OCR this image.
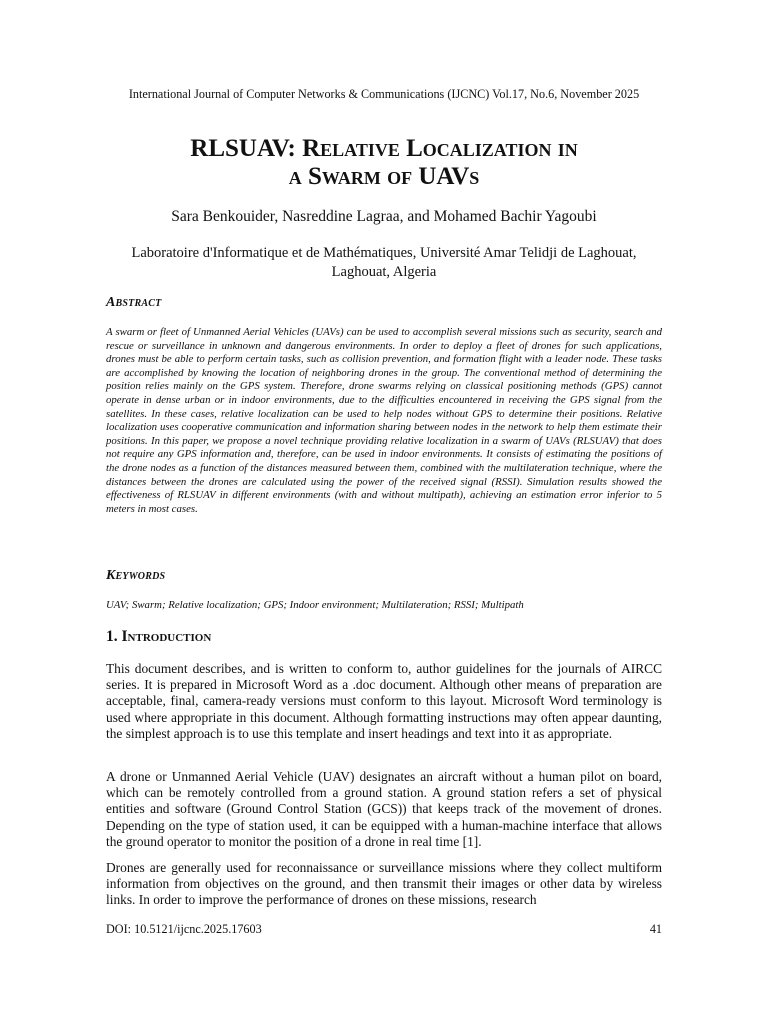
International Journal of Computer Networks & Communications (IJCNC) Vol.17, No.6, November 2025
RLSUAV: Relative Localization in
a Swarm of UAVs
Sara Benkouider, Nasreddine Lagraa, and Mohamed Bachir Yagoubi
Laboratoire d'Informatique et de Mathématiques, Université Amar Telidji de Laghouat,
Laghouat, Algeria
Abstract

A swarm or fleet of Unmanned Aerial Vehicles (UAVs) can be used to accomplish several missions such as security, search and rescue or surveillance in unknown and dangerous environments. In order to deploy a fleet of drones for such applications, drones must be able to perform certain tasks, such as collision prevention, and formation flight with a leader node. These tasks are accomplished by knowing the location of neighboring drones in the group. The conventional method of determining the position relies mainly on the GPS system. Therefore, drone swarms relying on classical positioning methods (GPS) cannot operate in dense urban or in indoor environments, due to the difficulties encountered in receiving the GPS signal from the satellites. In these cases, relative localization can be used to help nodes without GPS to determine their positions. Relative localization uses cooperative communication and information sharing between nodes in the network to help them estimate their positions. In this paper, we propose a novel technique providing relative localization in a swarm of UAVs (RLSUAV) that does not require any GPS information and, therefore, can be used in indoor environments. It consists of estimating the positions of the drone nodes as a function of the distances measured between them, combined with the multilateration technique, where the distances between the drones are calculated using the power of the received signal (RSSI). Simulation results showed the effectiveness of RLSUAV in different environments (with and without multipath), achieving an estimation error inferior to 5 meters in most cases.

Keywords

UAV; Swarm; Relative localization; GPS; Indoor environment; Multilateration; RSSI; Multipath

1. Introduction

This document describes, and is written to conform to, author guidelines for the journals of AIRCC series. It is prepared in Microsoft Word as a .doc document. Although other means of preparation are acceptable, final, camera-ready versions must conform to this layout. Microsoft Word terminology is used where appropriate in this document. Although formatting instructions may often appear daunting, the simplest approach is to use this template and insert headings and text into it as appropriate.

A drone or Unmanned Aerial Vehicle (UAV) designates an aircraft without a human pilot on board, which can be remotely controlled from a ground station. A ground station refers a set of physical entities and software (Ground Control Station (GCS)) that keeps track of the movement of drones. Depending on the type of station used, it can be equipped with a human-machine interface that allows the ground operator to monitor the position of a drone in real time [1].

Drones are generally used for reconnaissance or surveillance missions where they collect multiform information from objectives on the ground, and then transmit their images or other data by wireless links. In order to improve the performance of drones on these missions, research

DOI: 10.5121/ijcnc.2025.17603	41
